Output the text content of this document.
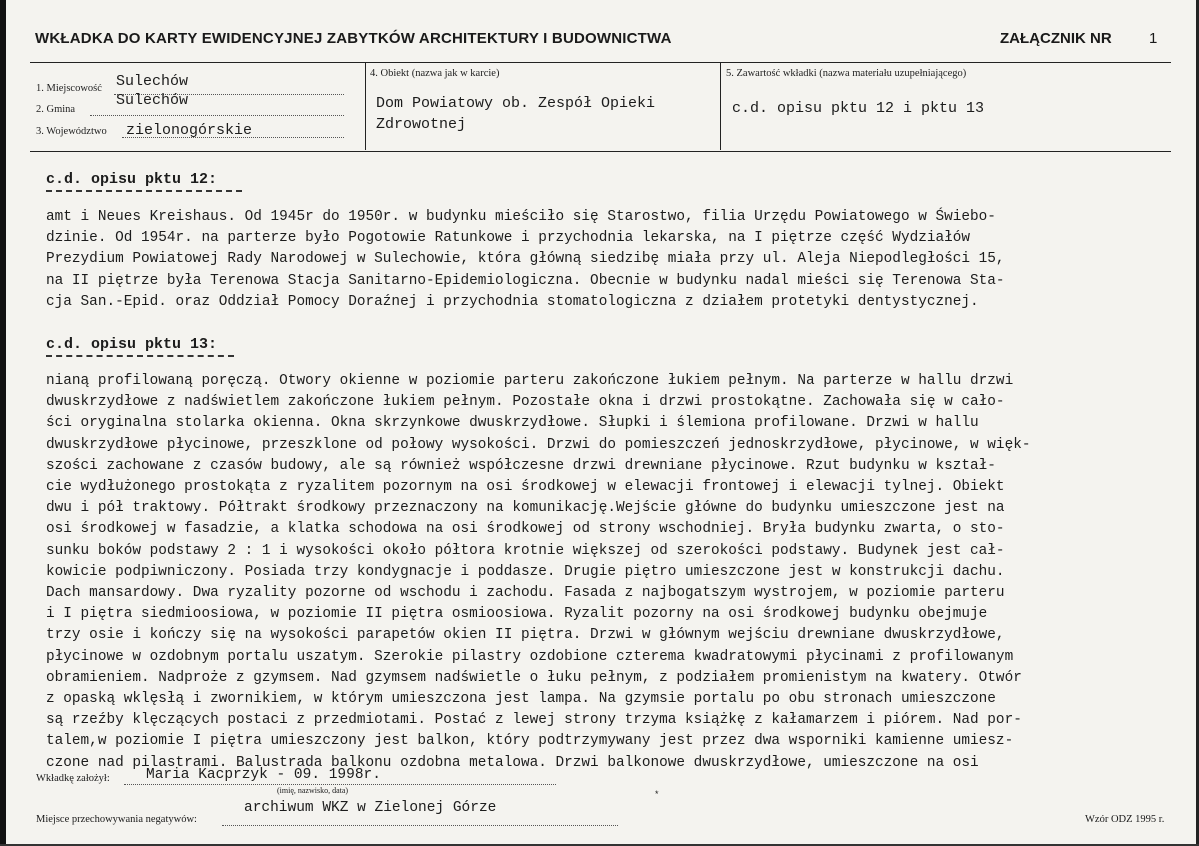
WKŁADKA DO KARTY EWIDENCYJNEJ ZABYTKÓW ARCHITEKTURY I BUDOWNICTWA	ZAŁĄCZNIK NR 1
1. Miejscowość Sulechów
2. Gmina
Sulechów
3. Województwo zielonogórskie
4. Obiekt (nazwa jak w karcie)
Dom Powiatowy ob. Zespół Opieki
Zdrowotnej
5. Zawartość wkładki (nazwa materiału uzupełniającego)
c.d. opisu pktu 12 i pktu 13
c.d. opisu pktu 12:
amt i Neues Kreishaus. Od 1945r do 1950r. w budynku mieściło się Starostwo, filia Urzędu Powiatowego w Świebo-
dzinie. Od 1954r. na parterze było Pogotowie Ratunkowe i przychodnia lekarska, na I piętrze część Wydziałów
Prezydium Powiatowej Rady Narodowej w Sulechowie, która główną siedzibę miała przy ul. Aleja Niepodległości 15,
na II piętrze była Terenowa Stacja Sanitarno-Epidemiologiczna. Obecnie w budynku nadal mieści się Terenowa Sta-
cja San.-Epid. oraz Oddział Pomocy Doraźnej i przychodnia stomatologiczna z działem protetyki dentystycznej.
c.d. opisu pktu 13:
nianą profilowaną poręczą. Otwory okienne w poziomie parteru zakończone łukiem pełnym. Na parterze w hallu drzwi
dwuskrzydłowe z nadświetlem zakończone łukiem pełnym. Pozostałe okna i drzwi prostokątne. Zachowała się w cało-
ści oryginalna stolarka okienna. Okna skrzynkowe dwuskrzydłowe. Słupki i ślemiona profilowane. Drzwi w hallu
dwuskrzydłowe płycinowe, przeszklone od połowy wysokości. Drzwi do pomieszczeń jednoskrzydłowe, płycinowe, w więk-
szości zachowane z czasów budowy, ale są również współczesne drzwi drewniane płycinowe. Rzut budynku w kształ-
cie wydłużonego prostokąta z ryzalitem pozornym na osi środkowej w elewacji frontowej i elewacji tylnej. Obiekt
dwu i pół traktowy. Półtrakt środkowy przeznaczony na komunikację.Wejście główne do budynku umieszczone jest na
osi środkowej w fasadzie, a klatka schodowa na osi środkowej od strony wschodniej. Bryła budynku zwarta, o sto-
sunku boków podstawy 2 : 1 i wysokości około półtora krotnie większej od szerokości podstawy. Budynek jest cał-
kowicie podpiwniczony. Posiada trzy kondygnacje i poddasze. Drugie piętro umieszczone jest w konstrukcji dachu.
Dach mansardowy. Dwa ryzality pozorne od wschodu i zachodu. Fasada z najbogatszym wystrojem, w poziomie parteru
i I piętra siedmioosiowa, w poziomie II piętra osmioosiowa. Ryzalit pozorny na osi środkowej budynku obejmuje
trzy osie i kończy się na wysokości parapetów okien II piętra. Drzwi w głównym wejściu drewniane dwuskrzydłowe,
płycinowe w ozdobnym portalu uszatym. Szerokie pilastry ozdobione czterema kwadratowymi płycinami z profilowanym
obramieniem. Nadproże z gzymsem. Nad gzymsem nadświetle o łuku pełnym, z podziałem promienistym na kwatery. Otwór
z opaską wklęsłą i zwornikiem, w którym umieszczona jest lampa. Na gzymsie portalu po obu stronach umieszczone
są rzeźby klęczących postaci z przedmiotami. Postać z lewej strony trzyma książkę z kałamarzem i piórem. Nad por-
talem,w poziomie I piętra umieszczony jest balkon, który podtrzymywany jest przez dwa wsporniki kamienne umiesz-
czone nad pilastrami. Balustrada balkonu ozdobna metalowa. Drzwi balkonowe dwuskrzydłowe, umieszczone na osi
Wkładkę założył: Maria Kacprzyk - 09. 1998r.
(imię, nazwisko, data)
archiwum WKZ w Zielonej Górze
Miejsce przechowywania negatywów:
*
Wzór ODZ 1995 r.
